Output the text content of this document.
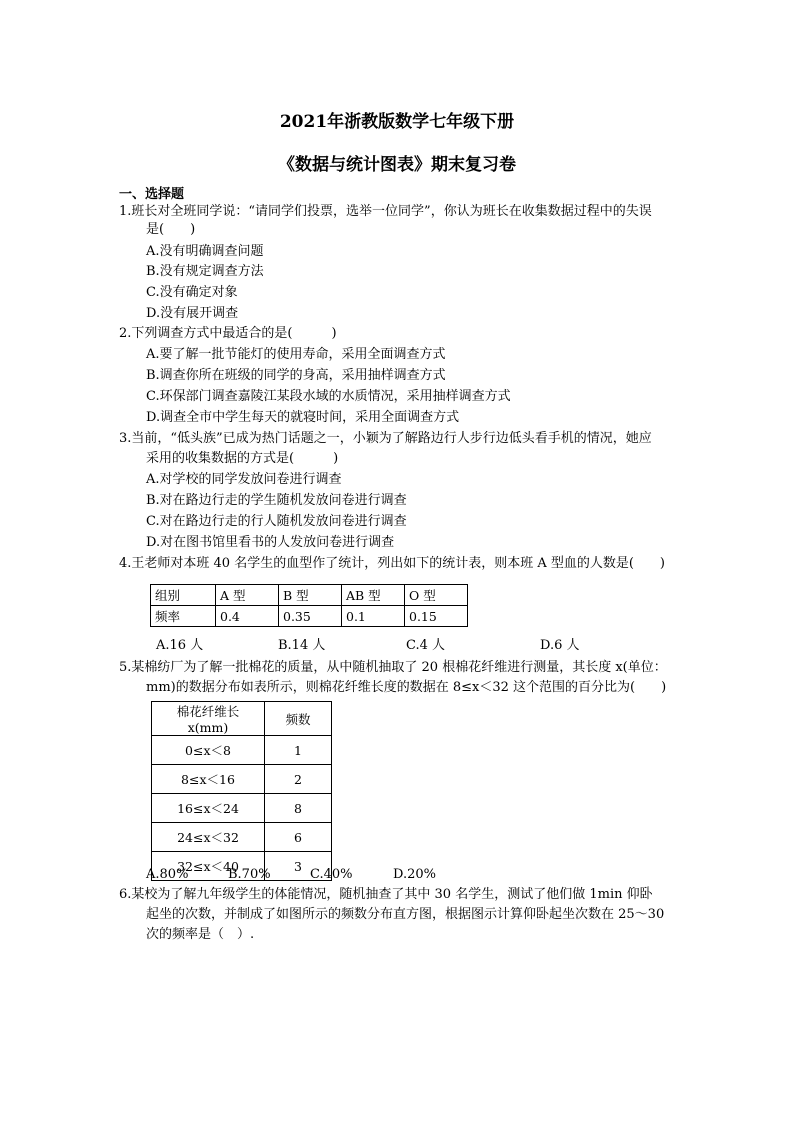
2021年浙教版数学七年级下册
《数据与统计图表》期末复习卷
一、选择题
1.班长对全班同学说：“请同学们投票，选举一位同学”，你认为班长在收集数据过程中的失误
是(　　)
A.没有明确调查问题
B.没有规定调查方法
C.没有确定对象
D.没有展开调查
2.下列调查方式中最适合的是(　　　)
A.要了解一批节能灯的使用寿命，采用全面调查方式
B.调查你所在班级的同学的身高，采用抽样调查方式
C.环保部门调查嘉陵江某段水域的水质情况，采用抽样调查方式
D.调查全市中学生每天的就寝时间，采用全面调查方式
3.当前，“低头族”已成为热门话题之一，小颖为了解路边行人步行边低头看手机的情况，她应
采用的收集数据的方式是(　　　)
A.对学校的同学发放问卷进行调查
B.对在路边行走的学生随机发放问卷进行调查
C.对在路边行走的行人随机发放问卷进行调查
D.对在图书馆里看书的人发放问卷进行调查
4.王老师对本班 40 名学生的血型作了统计，列出如下的统计表，则本班 A 型血的人数是(　　)
组别	A 型	B 型	AB 型	O 型
频率	0.4	0.35	0.1	0.15
A.16 人	B.14 人	C.4 人	D.6 人
5.某棉纺厂为了解一批棉花的质量，从中随机抽取了 20 根棉花纤维进行测量，其长度 x(单位：
mm)的数据分布如表所示，则棉花纤维长度的数据在 8≤x＜32 这个范围的百分比为(　　)
棉花纤维长 x(mm)	频数
0≤x＜8	1
8≤x＜16	2
16≤x＜24	8
24≤x＜32	6
32≤x＜40	3
A.80%	B.70%	C.40%	D.20%
6.某校为了解九年级学生的体能情况，随机抽查了其中 30 名学生，测试了他们做 1min 仰卧
起坐的次数，并制成了如图所示的频数分布直方图，根据图示计算仰卧起坐次数在 25～30
次的频率是（　）.
